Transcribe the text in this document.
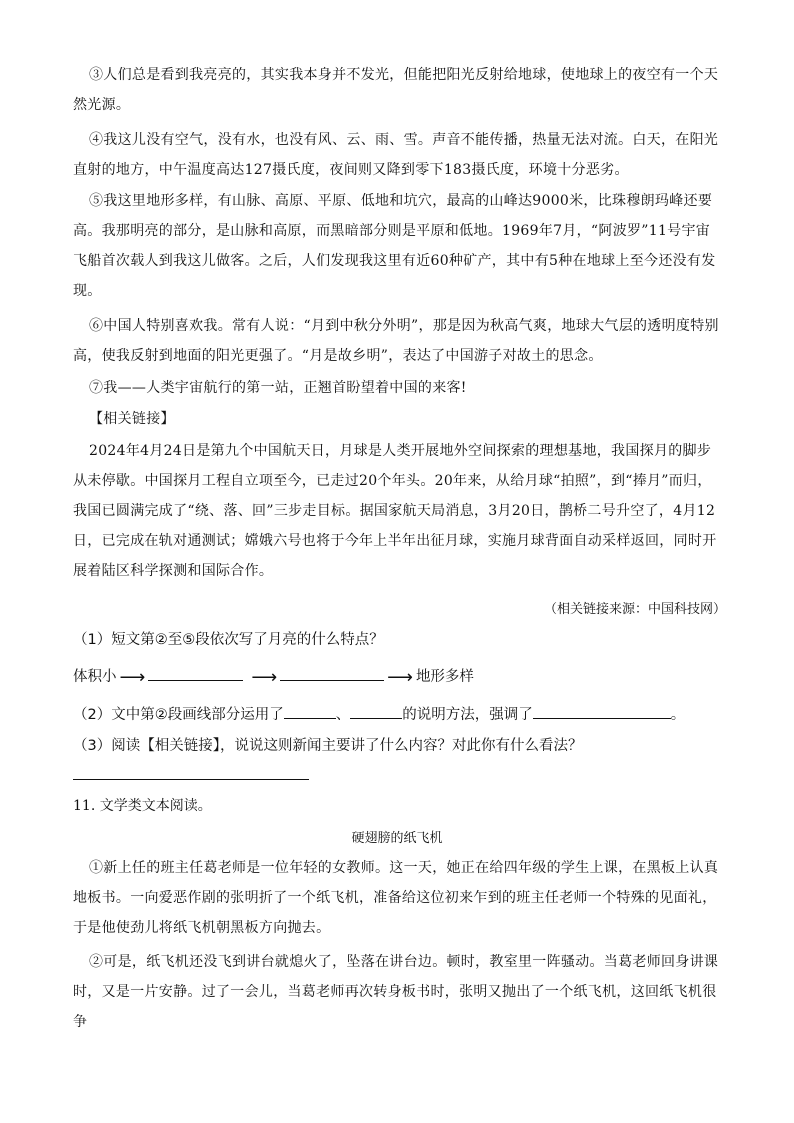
③人们总是看到我亮亮的，其实我本身并不发光，但能把阳光反射给地球，使地球上的夜空有一个天然光源。
④我这儿没有空气，没有水，也没有风、云、雨、雪。声音不能传播，热量无法对流。白天，在阳光直射的地方，中午温度高达127摄氏度，夜间则又降到零下183摄氏度，环境十分恶劣。
⑤我这里地形多样，有山脉、高原、平原、低地和坑穴，最高的山峰达9000米，比珠穆朗玛峰还要高。我那明亮的部分，是山脉和高原，而黑暗部分则是平原和低地。1969年7月，“阿波罗”11号宇宙飞船首次载人到我这儿做客。之后，人们发现我这里有近60种矿产，其中有5种在地球上至今还没有发现。
⑥中国人特别喜欢我。常有人说：“月到中秋分外明”，那是因为秋高气爽，地球大气层的透明度特别高，使我反射到地面的阳光更强了。“月是故乡明”，表达了中国游子对故土的思念。
⑦我——人类宇宙航行的第一站，正翘首盼望着中国的来客!
【相关链接】
2024年4月24日是第九个中国航天日，月球是人类开展地外空间探索的理想基地，我国探月的脚步从未停歇。中国探月工程自立项至今，已走过20个年头。20年来，从给月球“拍照”，到“捧月”而归，我国已圆满完成了“绕、落、回”三步走目标。据国家航天局消息，3月20日，鹊桥二号升空了，4月12日，已完成在轨对通测试；嫦娥六号也将于今年上半年出征月球，实施月球背面自动采样返回，同时开展着陆区科学探测和国际合作。
（相关链接来源：中国科技网）
（1）短文第②至⑤段依次写了月亮的什么特点？
体积小 ⟶	⟶	⟶ 地形多样
（2）文中第②段画线部分运用了	、	的说明方法，强调了	。
（3）阅读【相关链接】，说说这则新闻主要讲了什么内容？对此你有什么看法？
11. 文学类文本阅读。
硬翅膀的纸飞机
①新上任的班主任葛老师是一位年轻的女教师。这一天，她正在给四年级的学生上课，在黑板上认真地板书。一向爱恶作剧的张明折了一个纸飞机，准备给这位初来乍到的班主任老师一个特殊的见面礼，于是他使劲儿将纸飞机朝黑板方向抛去。
②可是，纸飞机还没飞到讲台就熄火了，坠落在讲台边。顿时，教室里一阵骚动。当葛老师回身讲课时，又是一片安静。过了一会儿，当葛老师再次转身板书时，张明又抛出了一个纸飞机，这回纸飞机很争
